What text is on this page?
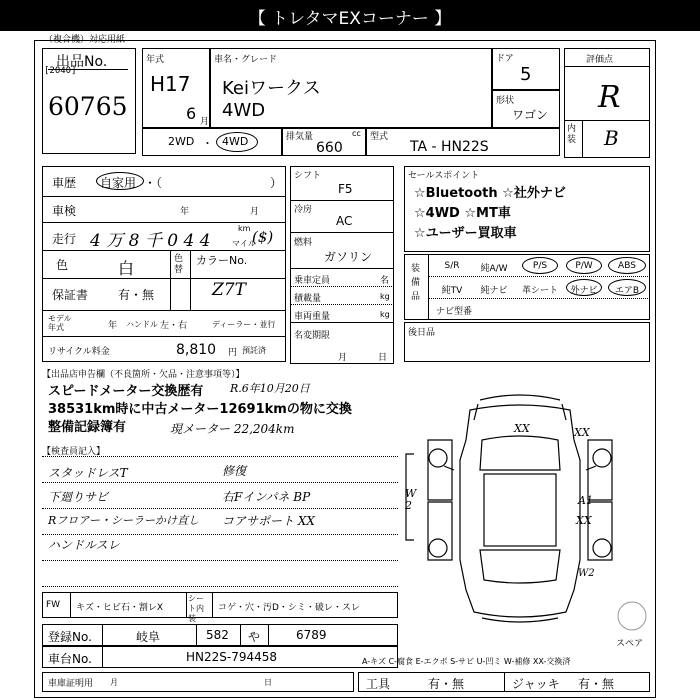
【 トレタマEXコーナー 】
（複合機）対応用紙
出品No.
[2040]
60765
年式
H17
6 月
車名・グレード
Keiワークス
4WD
ドア
5
形状
ワゴン
評価点
R
内装 B
2WD ・ 4WD	排気量	cc
660
型式
TA - HN22S
車歴 自家用 ・（　　　　　　　　　）
車検	年	月
走行 4 万 8 千 0 4 4
km
マイル
($)
色	白	色替
カラーNo.
Z7T
保証書 有・無
モデル年式	年 ハンドル 左・右	ディーラー・並行
リサイクル料金	8,810 円 預託済
シフト
F5
冷房
AC
燃料
ガソリン
乗車定員	名
積載量	kg
車両重量	kg
名変期限
月	日
セールスポイント
☆Bluetooth ☆社外ナビ
☆4WD ☆MT車
☆ユーザー買取車
装備品
S/R	純A/W	P/S	P/W	ABS
純TV	純ナビ	革シート	外ナビ	エアB
ナビ型番
後日品
【出品店申告欄（不良箇所・欠品・注意事項等）】
スピードメーター交換歴有 R.6年10月20日
38531km時に中古メーター12691kmの物に交換
整備記録簿有	現メーター 22,204km
【検査員記入】
スタッドレスT
下廻りサビ
Rフロアー・シーラーかけ直し
ハンドルスレ
修復
右Fインパネ BP
コアサポート XX
W 2
XX	XX
A1
XX
W2
スペア
FW キズ・ヒビ石・割レX
シート内装
コゲ・穴・汚D・シミ・破レ・スレ
登録No.	岐阜	582 や	6789
車台No.	HN22S-794458	A-キズ C-腐食 E-エクボ S-サビ U-凹ミ W-補修 XX-交換済
車庫証明用 月	日	工具	有・無	ジャッキ 有・無
